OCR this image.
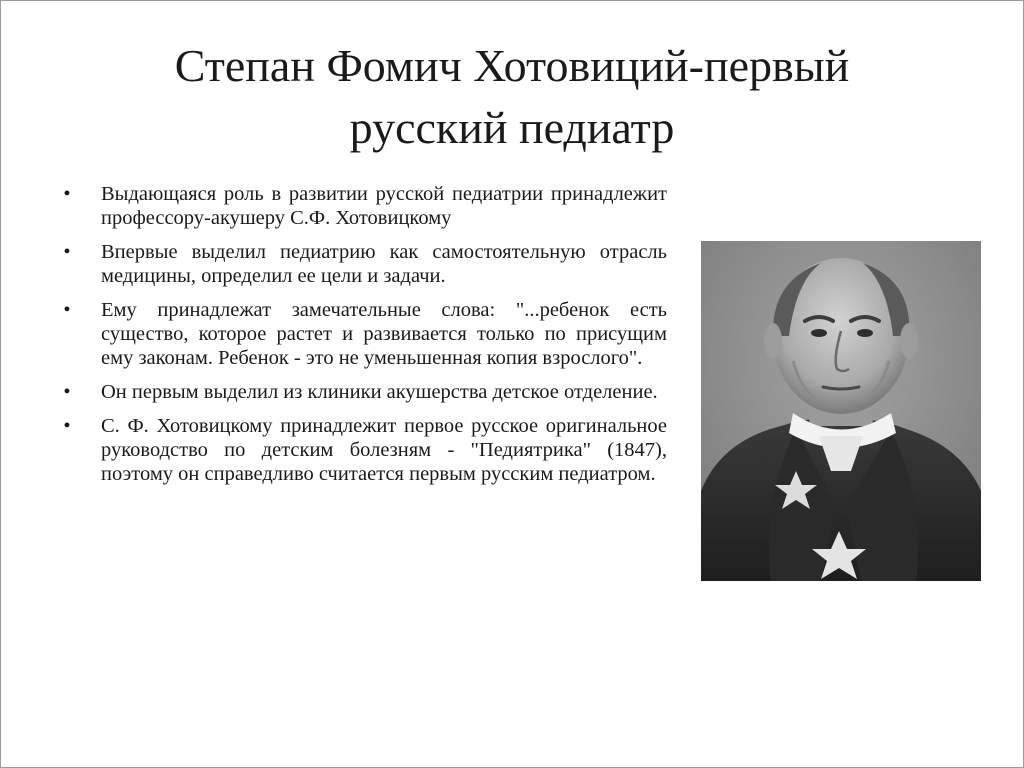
Степан Фомич Хотовиций-первый
русский педиатр
• Выдающаяся роль в развитии русской педиатрии принадлежит профессору-акушеру С.Ф. Хотовицкому
• Впервые выделил педиатрию как самостоятельную отрасль медицины, определил ее цели и задачи.
• Ему принадлежат замечательные слова: "...ребенок есть существо, которое растет и развивается только по присущим ему законам. Ребенок - это не уменьшенная копия взрослого".
• Он первым выделил из клиники акушерства детское отделение.
• С. Ф. Хотовицкому принадлежит первое русское оригинальное руководство по детским болезням - "Педиятрика" (1847), поэтому он справедливо считается первым русским педиатром.
